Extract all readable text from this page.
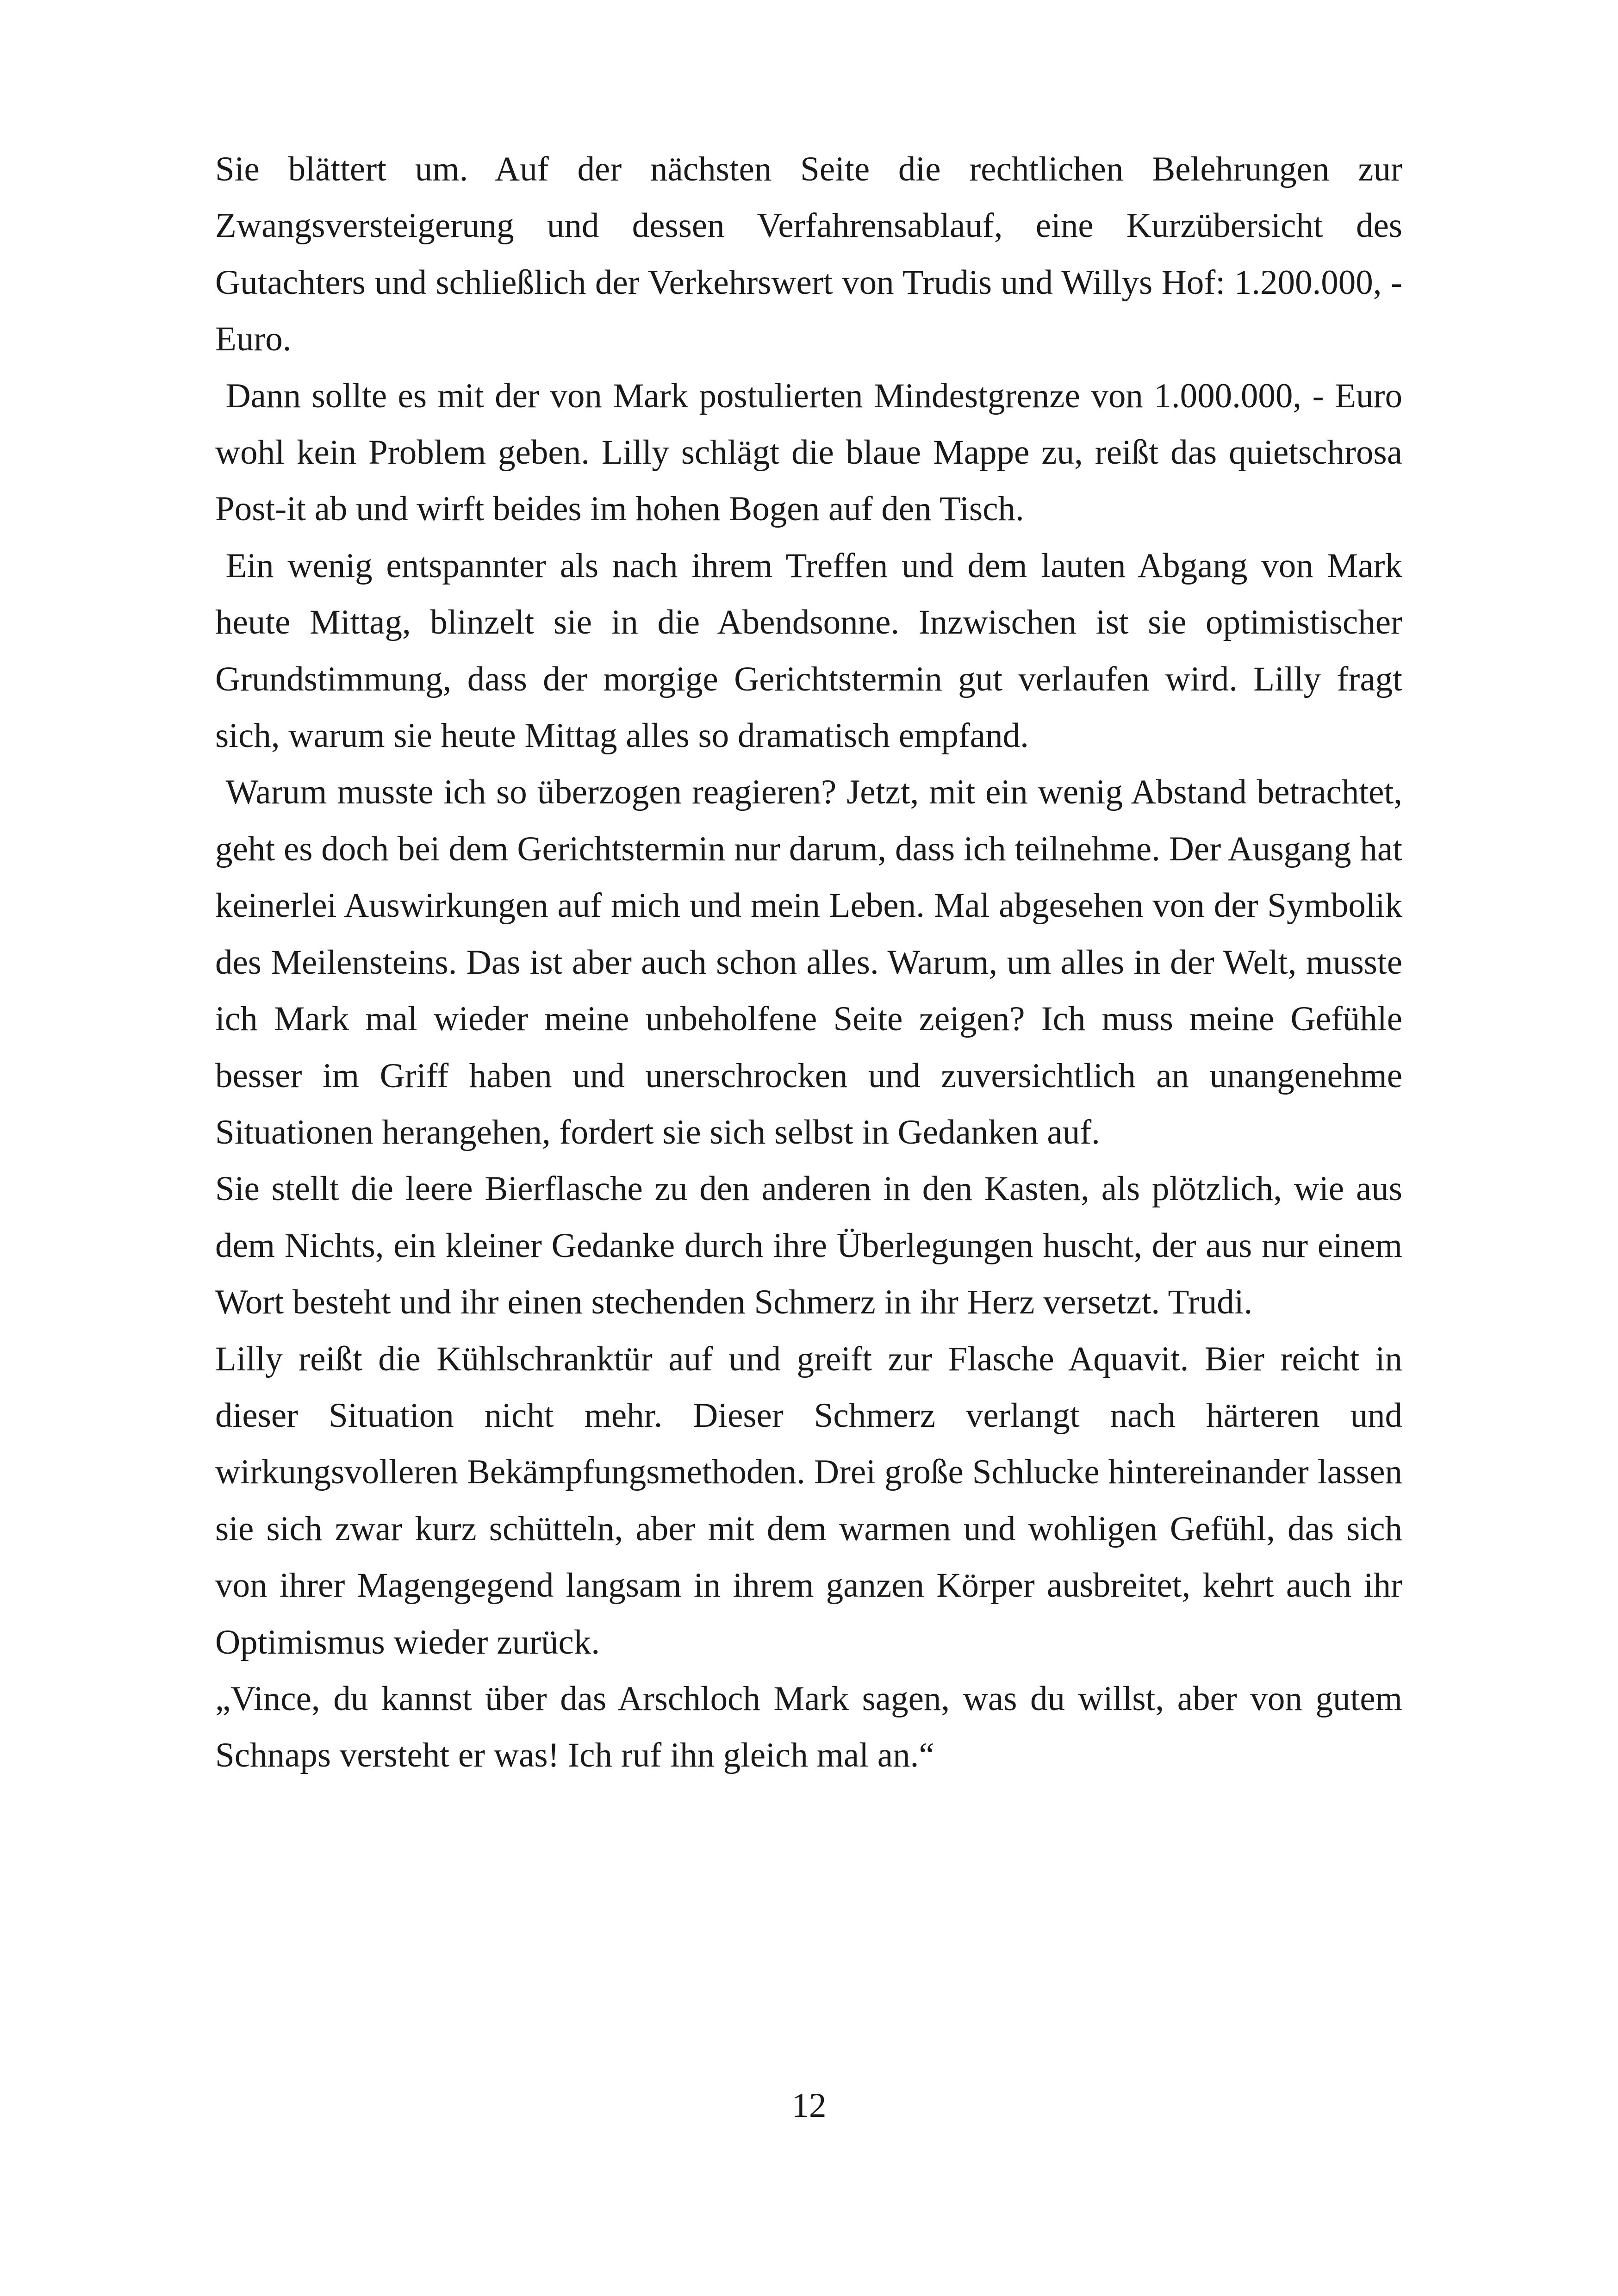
Sie blättert um. Auf der nächsten Seite die rechtlichen Belehrungen zur Zwangsversteigerung und dessen Verfahrensablauf, eine Kurzübersicht des Gutachters und schließlich der Verkehrswert von Trudis und Willys Hof: 1.200.000, - Euro.

Dann sollte es mit der von Mark postulierten Mindestgrenze von 1.000.000, - Euro wohl kein Problem geben. Lilly schlägt die blaue Mappe zu, reißt das quietschrosa Post-it ab und wirft beides im hohen Bogen auf den Tisch.

Ein wenig entspannter als nach ihrem Treffen und dem lauten Abgang von Mark heute Mittag, blinzelt sie in die Abendsonne. Inzwischen ist sie optimistischer Grundstimmung, dass der morgige Gerichtstermin gut verlaufen wird. Lilly fragt sich, warum sie heute Mittag alles so dramatisch empfand.

Warum musste ich so überzogen reagieren? Jetzt, mit ein wenig Abstand betrachtet, geht es doch bei dem Gerichtstermin nur darum, dass ich teilnehme. Der Ausgang hat keinerlei Auswirkungen auf mich und mein Leben. Mal abgesehen von der Symbolik des Meilensteins. Das ist aber auch schon alles. Warum, um alles in der Welt, musste ich Mark mal wieder meine unbeholfene Seite zeigen? Ich muss meine Gefühle besser im Griff haben und unerschrocken und zuversichtlich an unangenehme Situationen herangehen, fordert sie sich selbst in Gedanken auf.

Sie stellt die leere Bierflasche zu den anderen in den Kasten, als plötzlich, wie aus dem Nichts, ein kleiner Gedanke durch ihre Überlegungen huscht, der aus nur einem Wort besteht und ihr einen stechenden Schmerz in ihr Herz versetzt. Trudi.

Lilly reißt die Kühlschranktür auf und greift zur Flasche Aquavit. Bier reicht in dieser Situation nicht mehr. Dieser Schmerz verlangt nach härteren und wirkungsvolleren Bekämpfungsmethoden. Drei große Schlucke hintereinander lassen sie sich zwar kurz schütteln, aber mit dem warmen und wohligen Gefühl, das sich von ihrer Magengegend langsam in ihrem ganzen Körper ausbreitet, kehrt auch ihr Optimismus wieder zurück.

„Vince, du kannst über das Arschloch Mark sagen, was du willst, aber von gutem Schnaps versteht er was! Ich ruf ihn gleich mal an.“

12
